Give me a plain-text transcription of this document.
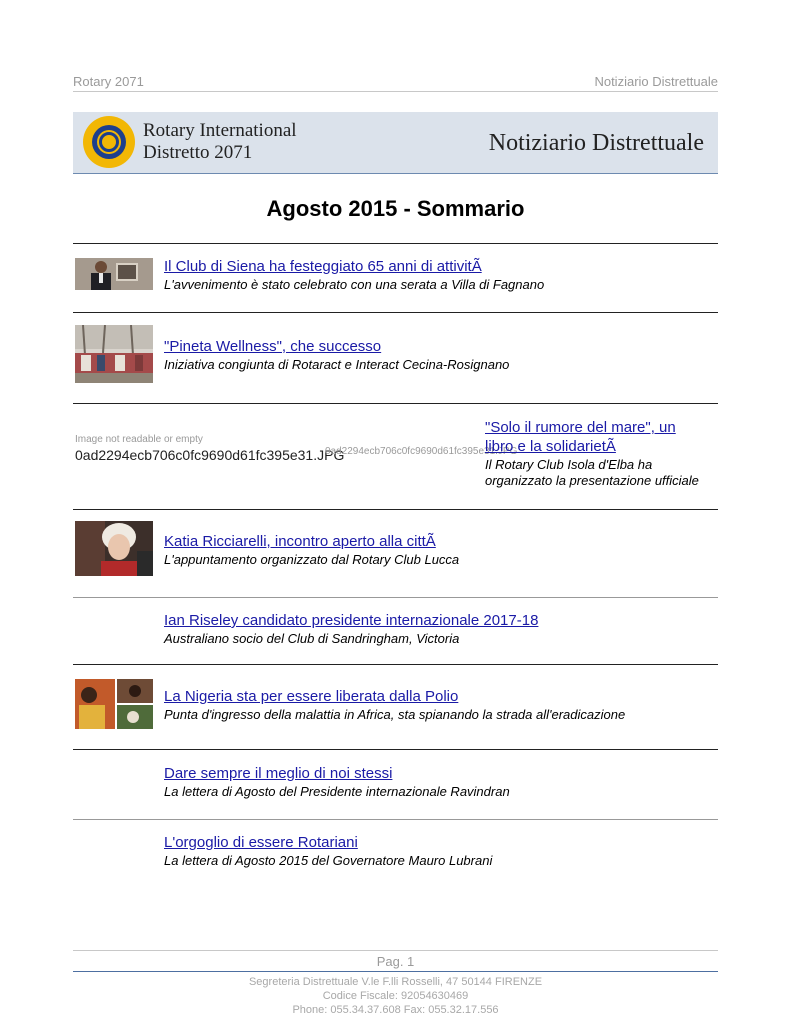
Rotary 2071	Notiziario Distrettuale
Rotary International
Distretto 2071	Notiziario Distrettuale
Agosto 2015 - Sommario
Il Club di Siena ha festeggiato 65 anni di attivitÃ
L'avvenimento è stato celebrato con una serata a Villa di Fagnano
"Pineta Wellness", che successo
Iniziativa congiunta di Rotaract e Interact Cecina-Rosignano
Image not readable or empty
0ad2294ecb706c0fc9690d61fc395e31.JPG
0ad2294ecb706c0fc9690d61fc395e31.JPG
"Solo il rumore del mare", un
libro e la solidarietÃ
Il Rotary Club Isola d'Elba ha
organizzato la presentazione ufficiale
Katia Ricciarelli, incontro aperto alla cittÃ
L'appuntamento organizzato dal Rotary Club Lucca
Ian Riseley candidato presidente internazionale 2017-18
Australiano socio del Club di Sandringham, Victoria
La Nigeria sta per essere liberata dalla Polio
Punta d'ingresso della malattia in Africa, sta spianando la strada all'eradicazione
Dare sempre il meglio di noi stessi
La lettera di Agosto del Presidente internazionale Ravindran
L'orgoglio di essere Rotariani
La lettera di Agosto 2015 del Governatore Mauro Lubrani
Pag. 1
Segreteria Distrettuale V.le F.lli Rosselli, 47 50144 FIRENZE
Codice Fiscale: 92054630469
Phone: 055.34.37.608 Fax: 055.32.17.556
